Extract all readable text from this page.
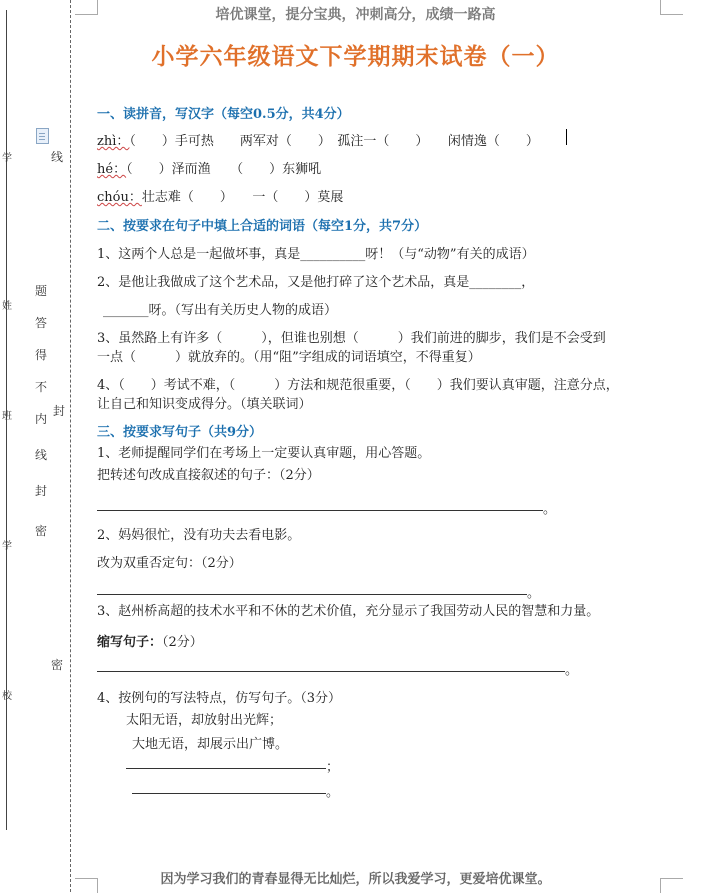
线
题
答
得
不
内
封
线
封
密
密
学
姓
班
学
校
培优课堂，提分宝典，冲刺高分，成绩一路高
小学六年级语文下学期期末试卷（一）
一、读拼音，写汉字（每空0.5分，共4分）
zhì：（　　）手可热　　两军对（　　）　孤注一（　　）　　闲情逸（　　）
hé：（　　）泽而渔　　（　　）东狮吼
chóu：壮志难（　　）　　一（　　）莫展
二、按要求在句子中填上合适的词语（每空1分，共7分）
1、这两个人总是一起做坏事，真是__________呀！（与“动物”有关的成语）
2、是他让我做成了这个艺术品，又是他打碎了这个艺术品，真是________，
_______呀。（写出有关历史人物的成语）
3、虽然路上有许多（　　　），但谁也别想（　　　）我们前进的脚步，我们是不会受到
一点（　　　）就放弃的。（用“阻”字组成的词语填空，不得重复）
4、（　　）考试不难，（　　　）方法和规范很重要，（　　）我们要认真审题，注意分点，
让自己和知识变成得分。（填关联词）
三、按要求写句子（共9分）
1、老师提醒同学们在考场上一定要认真审题，用心答题。
把转述句改成直接叙述的句子：（2分）
。
2、妈妈很忙，没有功夫去看电影。
改为双重否定句：（2分）
。
3、赵州桥高超的技术水平和不休的艺术价值，充分显示了我国劳动人民的智慧和力量。
缩写句子：（2分）
。
4、按例句的写法特点，仿写句子。（3分）
太阳无语，却放射出光辉；
大地无语，却展示出广博。
；
。
因为学习我们的青春显得无比灿烂，所以我爱学习，更爱培优课堂。
